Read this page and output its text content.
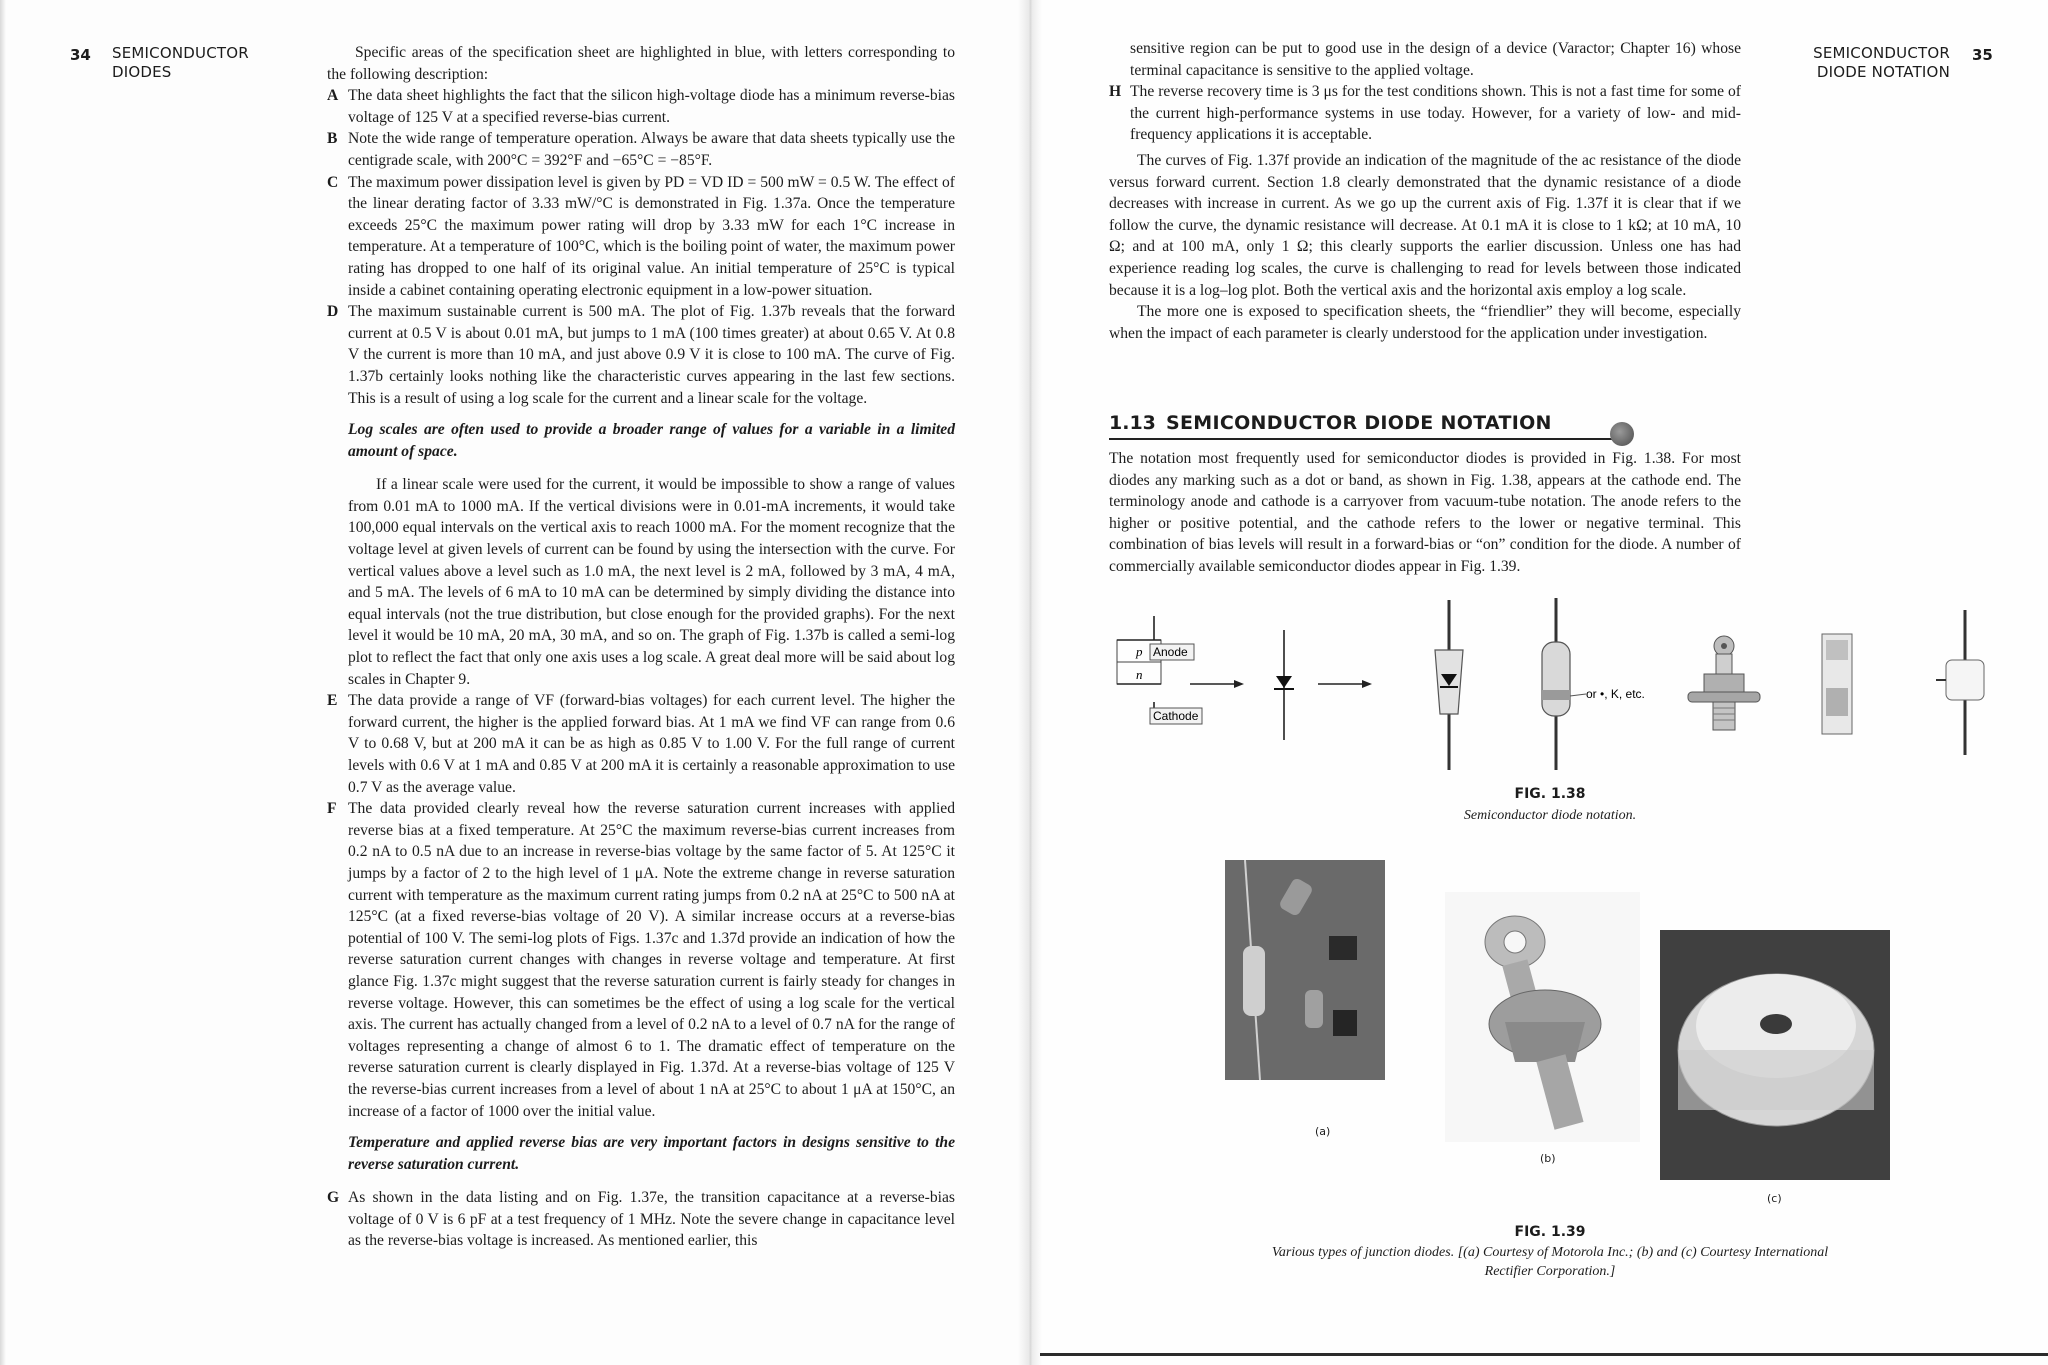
34 SEMICONDUCTOR
DIODES

Specific areas of the specification sheet are highlighted in blue, with letters corresponding to the following description:

A The data sheet highlights the fact that the silicon high-voltage diode has a minimum reverse-bias voltage of 125 V at a specified reverse-bias current.
B Note the wide range of temperature operation. Always be aware that data sheets typically use the centigrade scale, with 200°C = 392°F and −65°C = −85°F.
C The maximum power dissipation level is given by PD = VD ID = 500 mW = 0.5 W. The effect of the linear derating factor of 3.33 mW/°C is demonstrated in Fig. 1.37a. Once the temperature exceeds 25°C the maximum power rating will drop by 3.33 mW for each 1°C increase in temperature. At a temperature of 100°C, which is the boiling point of water, the maximum power rating has dropped to one half of its original value. An initial temperature of 25°C is typical inside a cabinet containing operating electronic equipment in a low-power situation.
D The maximum sustainable current is 500 mA. The plot of Fig. 1.37b reveals that the forward current at 0.5 V is about 0.01 mA, but jumps to 1 mA (100 times greater) at about 0.65 V. At 0.8 V the current is more than 10 mA, and just above 0.9 V it is close to 100 mA. The curve of Fig. 1.37b certainly looks nothing like the characteristic curves appearing in the last few sections. This is a result of using a log scale for the current and a linear scale for the voltage.

Log scales are often used to provide a broader range of values for a variable in a limited amount of space.

If a linear scale were used for the current, it would be impossible to show a range of values from 0.01 mA to 1000 mA. If the vertical divisions were in 0.01-mA increments, it would take 100,000 equal intervals on the vertical axis to reach 1000 mA. For the moment recognize that the voltage level at given levels of current can be found by using the intersection with the curve. For vertical values above a level such as 1.0 mA, the next level is 2 mA, followed by 3 mA, 4 mA, and 5 mA. The levels of 6 mA to 10 mA can be determined by simply dividing the distance into equal intervals (not the true distribution, but close enough for the provided graphs). For the next level it would be 10 mA, 20 mA, 30 mA, and so on. The graph of Fig. 1.37b is called a semi-log plot to reflect the fact that only one axis uses a log scale. A great deal more will be said about log scales in Chapter 9.

E The data provide a range of VF (forward-bias voltages) for each current level. The higher the forward current, the higher is the applied forward bias. At 1 mA we find VF can range from 0.6 V to 0.68 V, but at 200 mA it can be as high as 0.85 V to 1.00 V. For the full range of current levels with 0.6 V at 1 mA and 0.85 V at 200 mA it is certainly a reasonable approximation to use 0.7 V as the average value.
F The data provided clearly reveal how the reverse saturation current increases with applied reverse bias at a fixed temperature. At 25°C the maximum reverse-bias current increases from 0.2 nA to 0.5 nA due to an increase in reverse-bias voltage by the same factor of 5. At 125°C it jumps by a factor of 2 to the high level of 1 μA. Note the extreme change in reverse saturation current with temperature as the maximum current rating jumps from 0.2 nA at 25°C to 500 nA at 125°C (at a fixed reverse-bias voltage of 20 V). A similar increase occurs at a reverse-bias potential of 100 V. The semi-log plots of Figs. 1.37c and 1.37d provide an indication of how the reverse saturation current changes with changes in reverse voltage and temperature. At first glance Fig. 1.37c might suggest that the reverse saturation current is fairly steady for changes in reverse voltage. However, this can sometimes be the effect of using a log scale for the vertical axis. The current has actually changed from a level of 0.2 nA to a level of 0.7 nA for the range of voltages representing a change of almost 6 to 1. The dramatic effect of temperature on the reverse saturation current is clearly displayed in Fig. 1.37d. At a reverse-bias voltage of 125 V the reverse-bias current increases from a level of about 1 nA at 25°C to about 1 μA at 150°C, an increase of a factor of 1000 over the initial value.

Temperature and applied reverse bias are very important factors in designs sensitive to the reverse saturation current.

G As shown in the data listing and on Fig. 1.37e, the transition capacitance at a reverse-bias voltage of 0 V is 6 pF at a test frequency of 1 MHz. Note the severe change in capacitance level as the reverse-bias voltage is increased. As mentioned earlier, this
SEMICONDUCTOR
DIODE NOTATION
35
sensitive region can be put to good use in the design of a device (Varactor; Chapter 16) whose terminal capacitance is sensitive to the applied voltage.
H The reverse recovery time is 3 μs for the test conditions shown. This is not a fast time for some of the current high-performance systems in use today. However, for a variety of low- and mid-frequency applications it is acceptable.

The curves of Fig. 1.37f provide an indication of the magnitude of the ac resistance of the diode versus forward current. Section 1.8 clearly demonstrated that the dynamic resistance of a diode decreases with increase in current. As we go up the current axis of Fig. 1.37f it is clear that if we follow the curve, the dynamic resistance will decrease. At 0.1 mA it is close to 1 kΩ; at 10 mA, 10 Ω; and at 100 mA, only 1 Ω; this clearly supports the earlier discussion. Unless one has had experience reading log scales, the curve is challenging to read for levels between those indicated because it is a log–log plot. Both the vertical axis and the horizontal axis employ a log scale.

The more one is exposed to specification sheets, the “friendlier” they will become, especially when the impact of each parameter is clearly understood for the application under investigation.

1.13 SEMICONDUCTOR DIODE NOTATION

The notation most frequently used for semiconductor diodes is provided in Fig. 1.38. For most diodes any marking such as a dot or band, as shown in Fig. 1.38, appears at the cathode end. The terminology anode and cathode is a carryover from vacuum-tube notation. The anode refers to the higher or positive potential, and the cathode refers to the lower or negative terminal. This combination of bias levels will result in a forward-bias or “on” condition for the diode. A number of commercially available semiconductor diodes appear in Fig. 1.39.

Anode
Cathode
p
n
or •, K, etc.
FIG. 1.38
Semiconductor diode notation.
(a)
(b)
(c)
FIG. 1.39
Various types of junction diodes. [(a) Courtesy of Motorola Inc.; (b) and (c) Courtesy International
Rectifier Corporation.]
